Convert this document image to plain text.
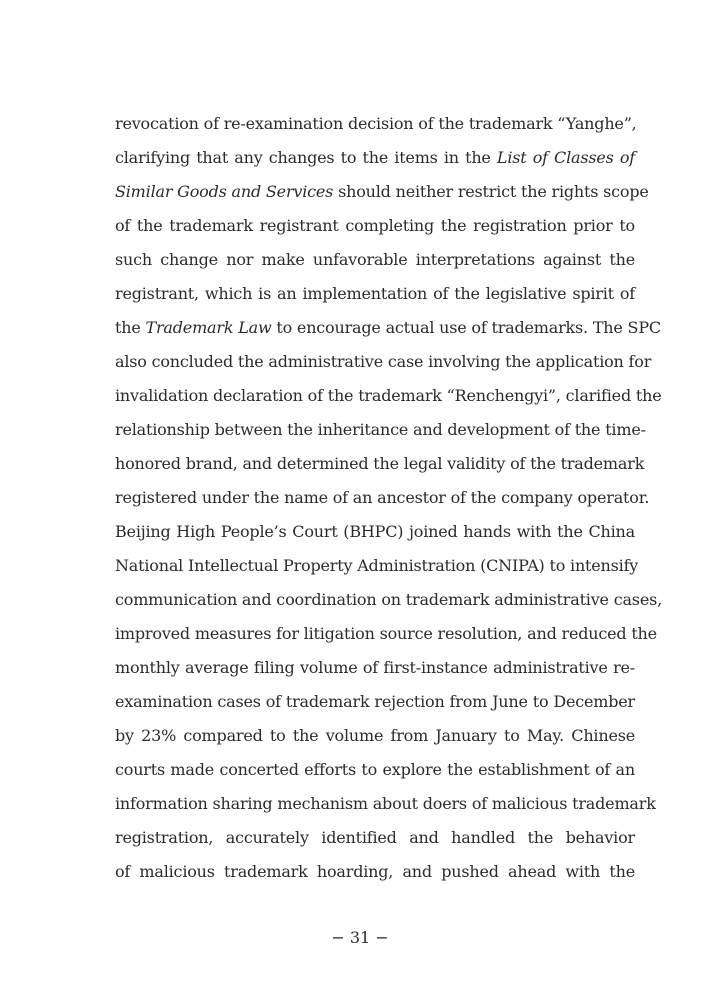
revocation of re-examination decision of the trademark “Yanghe”,
clarifying that any changes to the items in the List of Classes of
Similar Goods and Services should neither restrict the rights scope
of the trademark registrant completing the registration prior to
such change nor make unfavorable interpretations against the
registrant, which is an implementation of the legislative spirit of
the Trademark Law to encourage actual use of trademarks. The SPC
also concluded the administrative case involving the application for
invalidation declaration of the trademark “Renchengyi”, clarified the
relationship between the inheritance and development of the time-
honored brand, and determined the legal validity of the trademark
registered under the name of an ancestor of the company operator.
Beijing High People’s Court (BHPC) joined hands with the China
National Intellectual Property Administration (CNIPA) to intensify
communication and coordination on trademark administrative cases,
improved measures for litigation source resolution, and reduced the
monthly average filing volume of first-instance administrative re-
examination cases of trademark rejection from June to December
by 23% compared to the volume from January to May. Chinese
courts made concerted efforts to explore the establishment of an
information sharing mechanism about doers of malicious trademark
registration, accurately identified and handled the behavior
of malicious trademark hoarding, and pushed ahead with the
− 31 −
